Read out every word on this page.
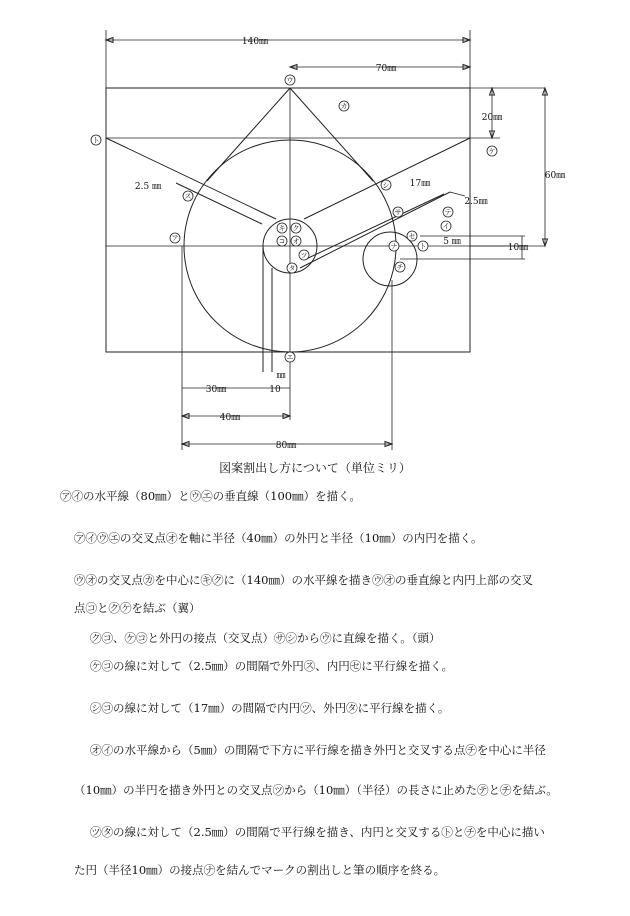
140㎜
70㎜
20㎜
60㎜
10㎜
30㎜	10
㎜
40㎜
80㎜
17㎜
2.5㎜
2.5 ㎜
5 ㎜
ウ
カ
ト
ケ
ス
シ
ア
キ ク
オ
コ
ツ
タ
サ
イ
セ
ト
ナ
チ
テ
エ
図案割出し方について（単位ミリ）
㋐㋑の水平線（80㎜）と㋒㋓の垂直線（100㎜）を描く。
㋐㋑㋒㋓の交叉点㋔を軸に半径（40㎜）の外円と半径（10㎜）の内円を描く。
㋒㋔の交叉点㋕を中心に㋖㋗に（140㎜）の水平線を描き㋒㋔の垂直線と内円上部の交叉
点㋙と㋗㋘を結ぶ（翼）
㋗㋙、㋘㋙と外円の接点（交叉点）㋚㋛から㋒に直線を描く。（頭）
㋘㋙の線に対して（2.5㎜）の間隔で外円㋜、内円㋝に平行線を描く。
㋛㋙の線に対して（17㎜）の間隔で内円㋡、外円㋟に平行線を描く。
㋔㋑の水平線から（5㎜）の間隔で下方に平行線を描き外円と交叉する点㋠を中心に半径
（10㎜）の半円を描き外円との交叉点㋡から（10㎜）（半径）の長さに止めた㋢と㋠を結ぶ。
㋡㋟の線に対して（2.5㎜）の間隔で平行線を描き、内円と交叉する㋣と㋠を中心に描い
た円（半径10㎜）の接点㋤を結んでマークの割出しと筆の順序を終る。
